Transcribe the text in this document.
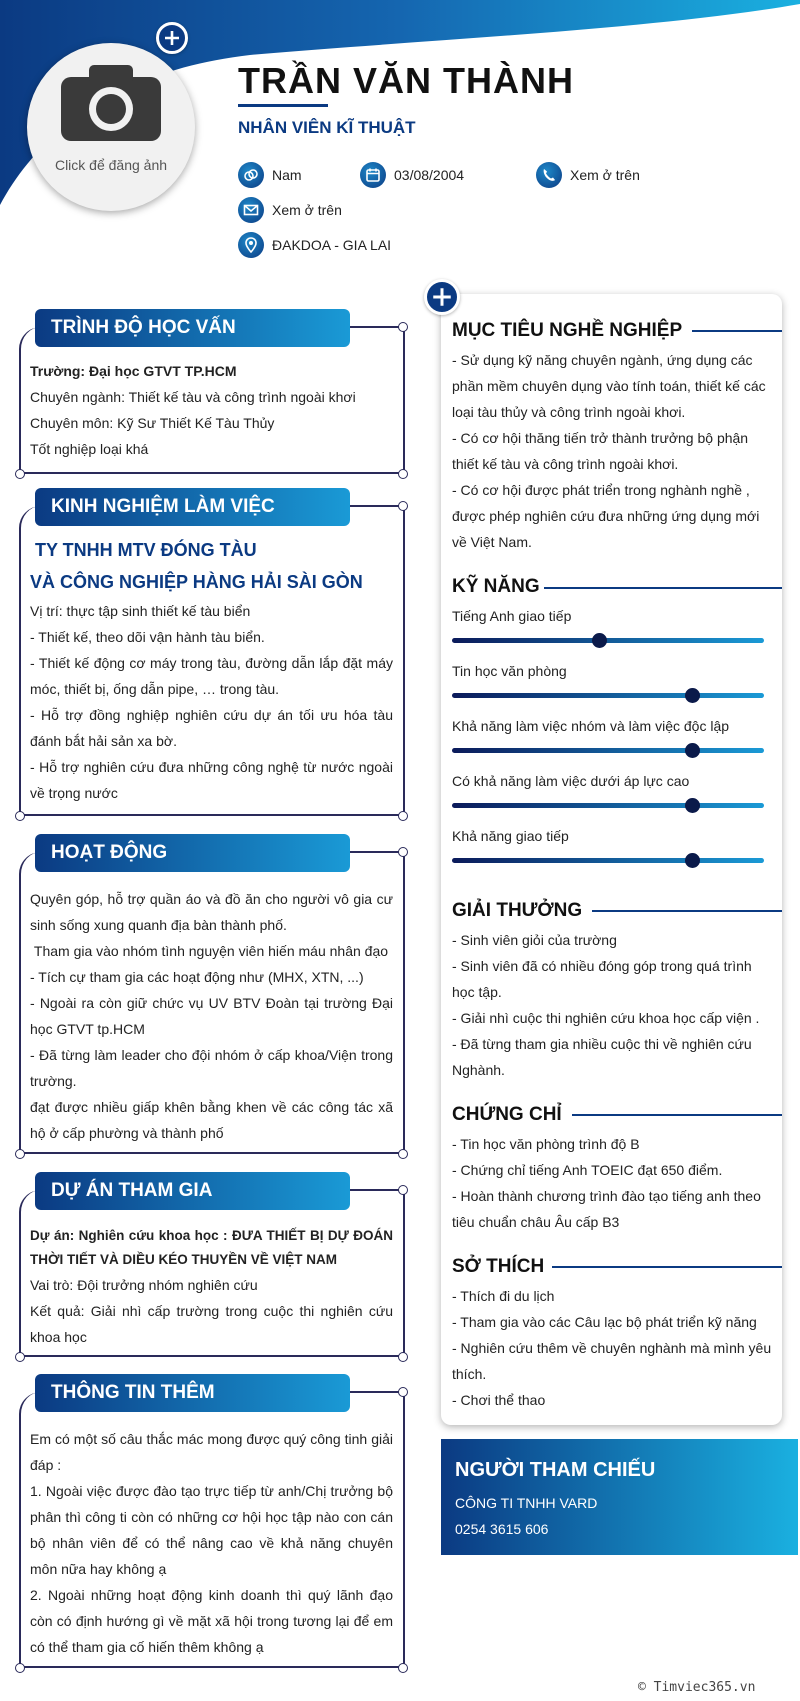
Click để đăng ảnh
TRẦN VĂN THÀNH
NHÂN VIÊN KĨ THUẬT
Nam	03/08/2004	Xem ở trên
Xem ở trên
ĐAKDOA - GIA LAI
TRÌNH ĐỘ HỌC VẤN

Trường: Đại học GTVT TP.HCM

Chuyên ngành: Thiết kế tàu và công trình ngoài khơi

Chuyên môn: Kỹ Sư Thiết Kế Tàu Thủy

Tốt nghiệp loại khá

KINH NGHIỆM LÀM VIỆC

TY TNHH MTV ĐÓNG TÀU

VÀ CÔNG NGHIỆP HÀNG HẢI SÀI GÒN

Vị trí: thực tập sinh thiết kế tàu biển

- Thiết kế, theo dõi vận hành tàu biển.

- Thiết kế động cơ máy trong tàu, đường dẫn lắp đặt máy móc, thiết bị, ống dẫn pipe, … trong tàu.

- Hỗ trợ đồng nghiệp nghiên cứu dự án tối ưu hóa tàu đánh bắt hải sản xa bờ.

- Hỗ trợ nghiên cứu đưa những công nghệ từ nước ngoài về trọng nước

HOẠT ĐỘNG

Quyên góp, hỗ trợ quần áo và đồ ăn cho người vô gia cư sinh sống xung quanh địa bàn thành phố.

Tham gia vào nhóm tình nguyện viên hiến máu nhân đạo

- Tích cự tham gia các hoạt động như (MHX, XTN, ...)

- Ngoài ra còn giữ chức vụ UV BTV Đoàn tại trường Đại học GTVT tp.HCM

- Đã từng làm leader cho đội nhóm ở cấp khoa/Viện trong trường.

đạt được nhiều giấp khên bằng khen về các công tác xã hộ ở cấp phường và thành phố

DỰ ÁN THAM GIA

Dự án: Nghiên cứu khoa học : ĐƯA THIẾT BỊ DỰ ĐOÁN THỜI TIẾT VÀ DIỀU KÉO THUYỀN VỀ VIỆT NAM

Vai trò: Đội trưởng nhóm nghiên cứu

Kết quả: Giải nhì cấp trường trong cuộc thi nghiên cứu khoa học

THÔNG TIN THÊM

Em có một số câu thắc mác mong được quý công tinh giải đáp :

1. Ngoài việc được đào tạo trực tiếp từ anh/Chị trưởng bộ phân thì công ti còn có những cơ hội học tập nào con cán bộ nhân viên để có thể nâng cao về khả năng chuyên môn nữa hay không ạ

2. Ngoài những hoạt động kinh doanh thì quý lãnh đạo còn có định hướng gì về mặt xã hội trong tương lại để em có thể tham gia cố hiến thêm không ạ

MỤC TIÊU NGHỀ NGHIỆP

- Sử dụng kỹ năng chuyên ngành, ứng dụng các phần mềm chuyên dụng vào tính toán, thiết kế các loại tàu thủy và công trình ngoài khơi.

- Có cơ hội thăng tiến trở thành trưởng bộ phận thiết kế tàu và công trình ngoài khơi.

- Có cơ hội được phát triển trong nghành nghề , được phép nghiên cứu đưa những ứng dụng mới về Việt Nam.

KỸ NĂNG
Tiếng Anh giao tiếp
Tin học văn phòng
Khả năng làm việc nhóm và làm việc độc lập
Có khả năng làm việc dưới áp lực cao
Khả năng giao tiếp
GIẢI THƯỞNG

- Sinh viên giỏi của trường

- Sinh viên đã có nhiều đóng góp trong quá trình học tập.

- Giải nhì cuộc thi nghiên cứu khoa học cấp viện .

- Đã từng tham gia nhiều cuộc thi về nghiên cứu Nghành.

CHỨNG CHỈ

- Tin học văn phòng trình độ B

- Chứng chỉ tiếng Anh TOEIC đạt 650 điểm.

- Hoàn thành chương trình đào tạo tiếng anh theo tiêu chuẩn châu Âu cấp B3

SỞ THÍCH

- Thích đi du lịch

- Tham gia vào các Câu lạc bộ phát triển kỹ năng

- Nghiên cứu thêm về chuyên nghành mà mình yêu thích.

- Chơi thể thao

NGƯỜI THAM CHIẾU
CÔNG TI TNHH VARD
0254 3615 606
© Timviec365.vn
